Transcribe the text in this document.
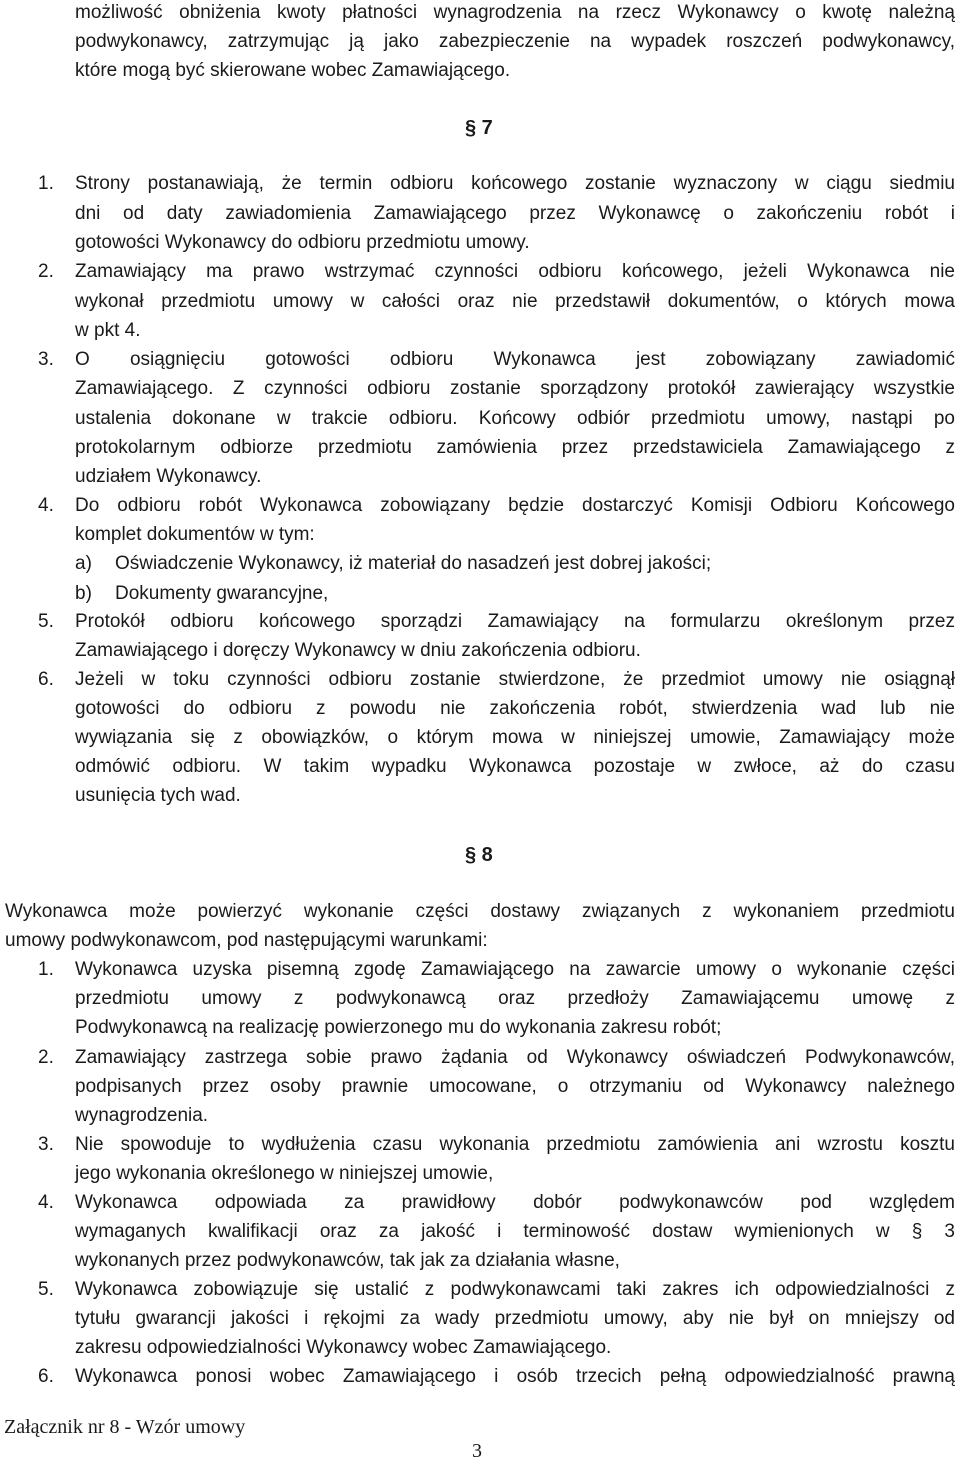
możliwość obniżenia kwoty płatności wynagrodzenia na rzecz Wykonawcy o kwotę należną
podwykonawcy, zatrzymując ją jako zabezpieczenie na wypadek roszczeń podwykonawcy,
które mogą być skierowane wobec Zamawiającego.
§ 7
1. Strony postanawiają, że termin odbioru końcowego zostanie wyznaczony w ciągu siedmiu
dni od daty zawiadomienia Zamawiającego przez Wykonawcę o zakończeniu robót i
gotowości Wykonawcy do odbioru przedmiotu umowy.
2. Zamawiający ma prawo wstrzymać czynności odbioru końcowego, jeżeli Wykonawca nie
wykonał przedmiotu umowy w całości oraz nie przedstawił dokumentów, o których mowa
w pkt 4.
3. O osiągnięciu gotowości odbioru Wykonawca jest zobowiązany zawiadomić
Zamawiającego. Z czynności odbioru zostanie sporządzony protokół zawierający wszystkie
ustalenia dokonane w trakcie odbioru. Końcowy odbiór przedmiotu umowy, nastąpi po
protokolarnym odbiorze przedmiotu zamówienia przez przedstawiciela Zamawiającego z
udziałem Wykonawcy.
4. Do odbioru robót Wykonawca zobowiązany będzie dostarczyć Komisji Odbioru Końcowego
komplet dokumentów w tym:
a) Oświadczenie Wykonawcy, iż materiał do nasadzeń jest dobrej jakości;
b) Dokumenty gwarancyjne,
5. Protokół odbioru końcowego sporządzi Zamawiający na formularzu określonym przez
Zamawiającego i doręczy Wykonawcy w dniu zakończenia odbioru.
6. Jeżeli w toku czynności odbioru zostanie stwierdzone, że przedmiot umowy nie osiągnął
gotowości do odbioru z powodu nie zakończenia robót, stwierdzenia wad lub nie
wywiązania się z obowiązków, o którym mowa w niniejszej umowie, Zamawiający może
odmówić odbioru. W takim wypadku Wykonawca pozostaje w zwłoce, aż do czasu
usunięcia tych wad.
§ 8
Wykonawca może powierzyć wykonanie części dostawy związanych z wykonaniem przedmiotu
umowy podwykonawcom, pod następującymi warunkami:
1. Wykonawca uzyska pisemną zgodę Zamawiającego na zawarcie umowy o wykonanie części
przedmiotu umowy z podwykonawcą oraz przedłoży Zamawiającemu umowę z
Podwykonawcą na realizację powierzonego mu do wykonania zakresu robót;
2. Zamawiający zastrzega sobie prawo żądania od Wykonawcy oświadczeń Podwykonawców,
podpisanych przez osoby prawnie umocowane, o otrzymaniu od Wykonawcy należnego
wynagrodzenia.
3. Nie spowoduje to wydłużenia czasu wykonania przedmiotu zamówienia ani wzrostu kosztu
jego wykonania określonego w niniejszej umowie,
4. Wykonawca odpowiada za prawidłowy dobór podwykonawców pod względem
wymaganych kwalifikacji oraz za jakość i terminowość dostaw wymienionych w § 3
wykonanych przez podwykonawców, tak jak za działania własne,
5. Wykonawca zobowiązuje się ustalić z podwykonawcami taki zakres ich odpowiedzialności z
tytułu gwarancji jakości i rękojmi za wady przedmiotu umowy, aby nie był on mniejszy od
zakresu odpowiedzialności Wykonawcy wobec Zamawiającego.
6. Wykonawca ponosi wobec Zamawiającego i osób trzecich pełną odpowiedzialność prawną
Załącznik nr 8 - Wzór umowy
3
